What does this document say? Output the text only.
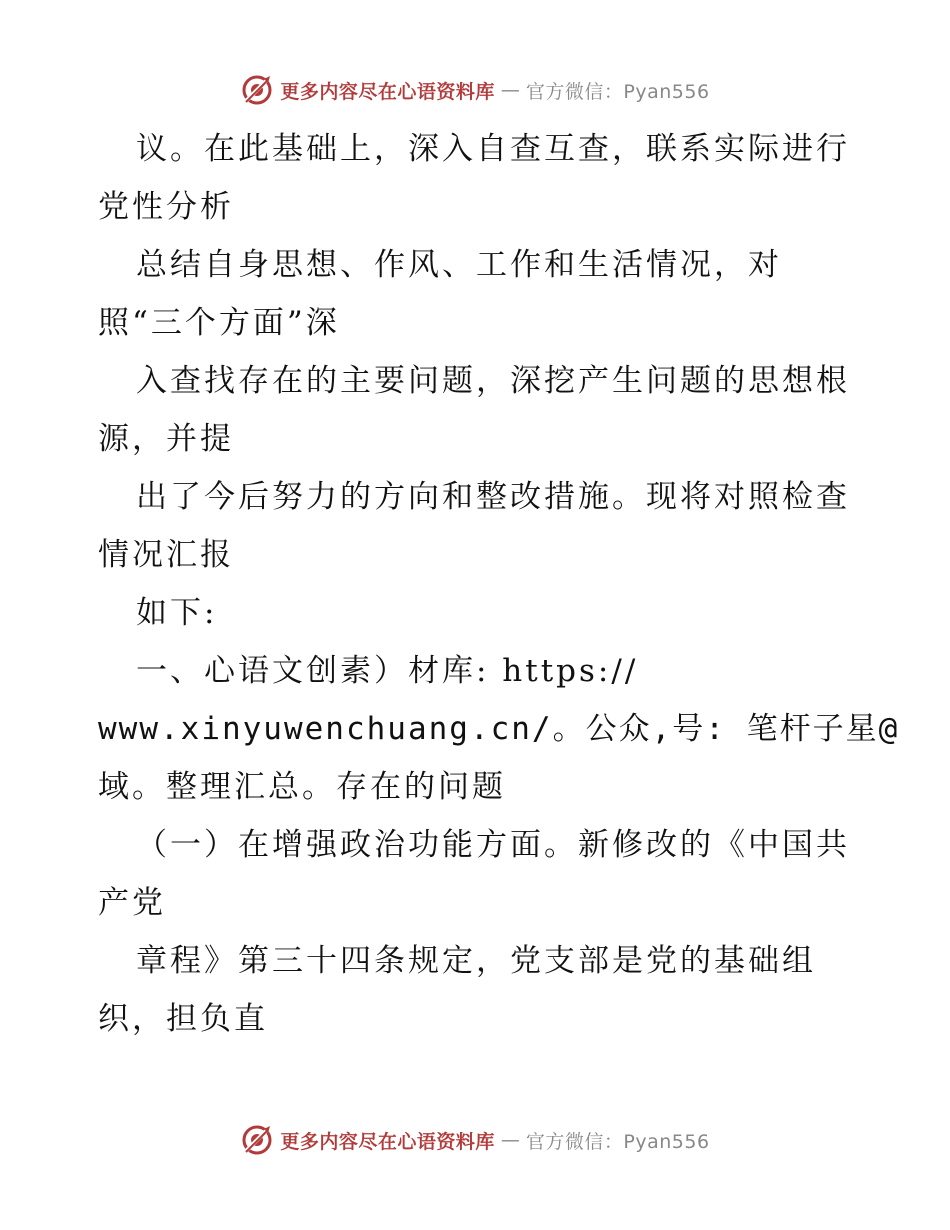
更多内容尽在心语资料库 — 官方微信：Pyan556
议。在此基础上，深入自查互查，联系实际进行
党性分析
总结自身思想、作风、工作和生活情况，对
照“三个方面”深
入查找存在的主要问题，深挖产生问题的思想根
源，并提
出了今后努力的方向和整改措施。现将对照检查
情况汇报
如下:
一、心语文创素）材库: https://
www.xinyuwenchuang.cn/。公众,号: 笔杆子星@
域。整理汇总。存在的问题
（一）在增强政治功能方面。新修改的《中国共
产党
章程》第三十四条规定，党支部是党的基础组
织，担负直
更多内容尽在心语资料库 — 官方微信：Pyan556
